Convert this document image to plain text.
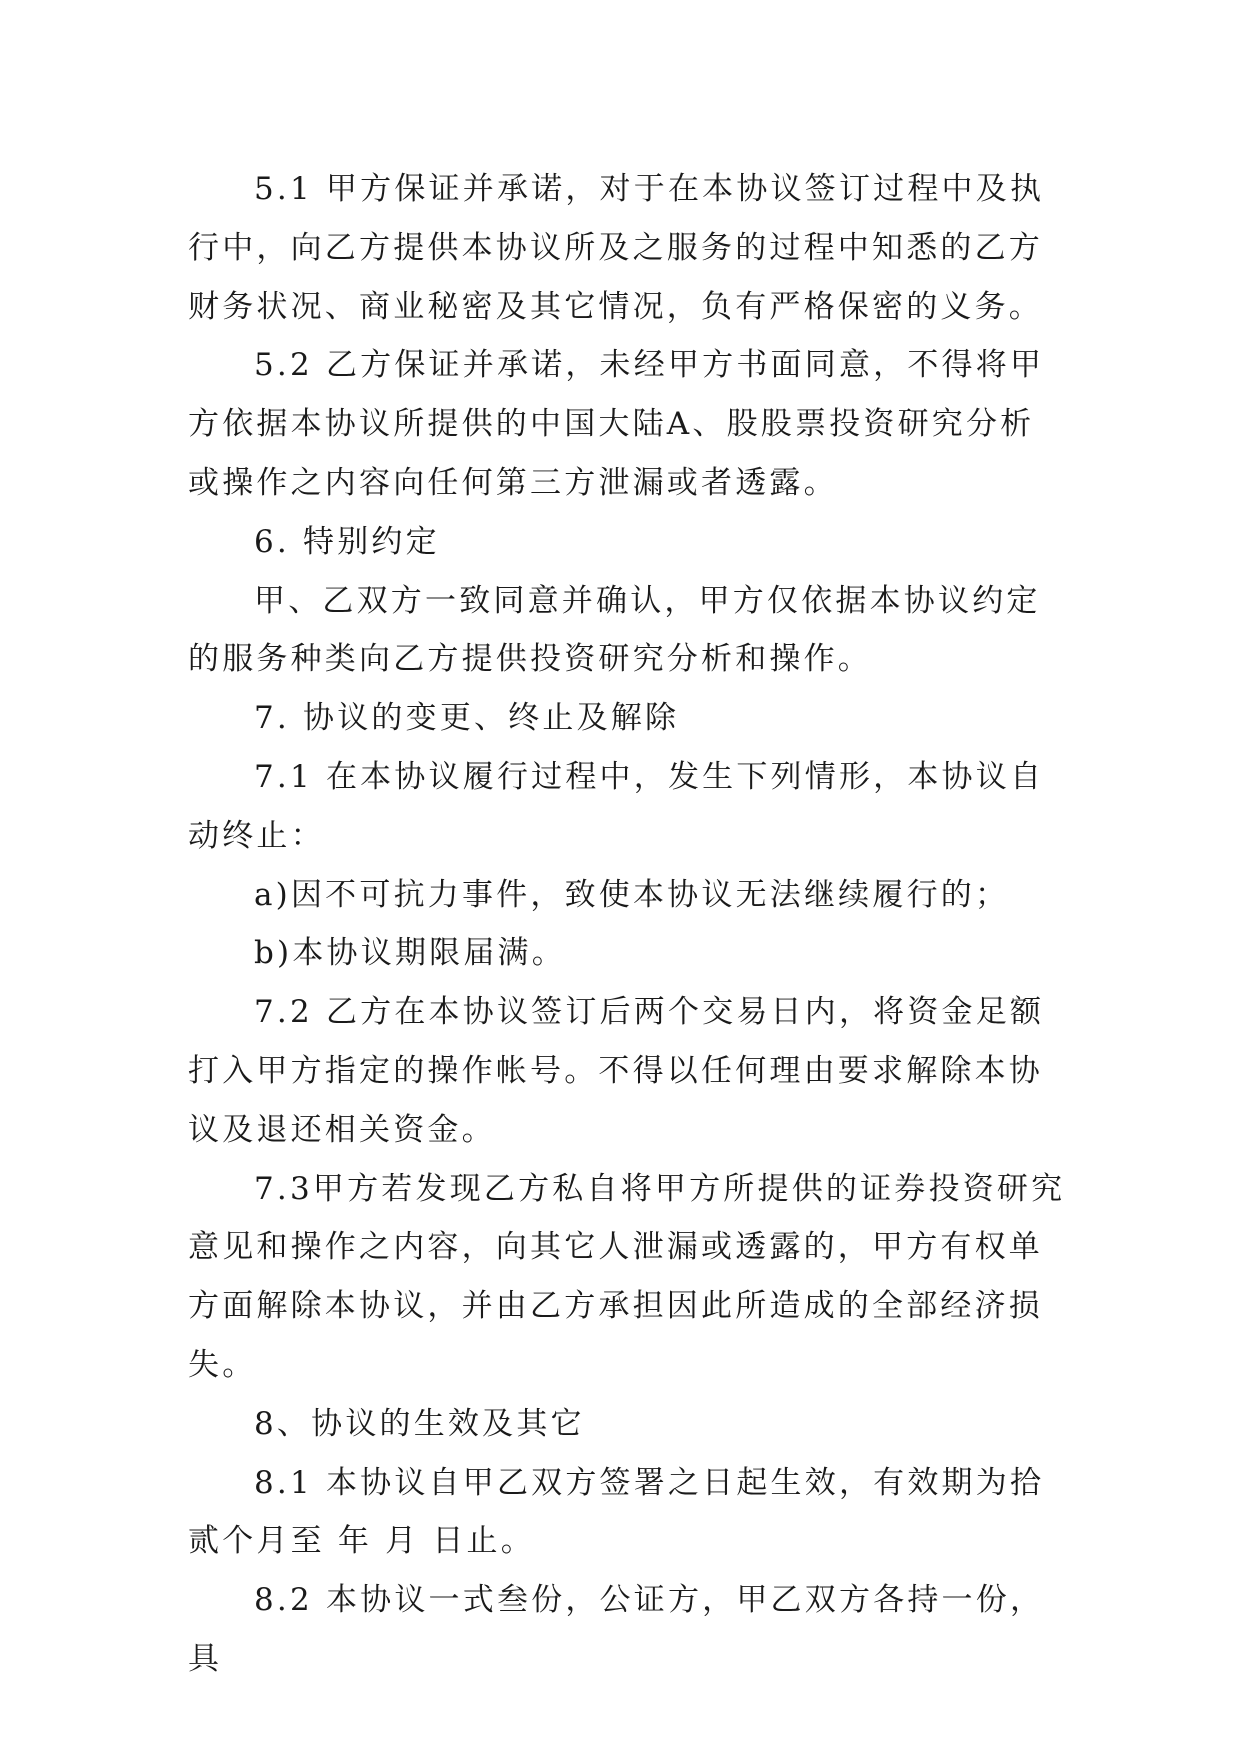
5.1 甲方保证并承诺，对于在本协议签订过程中及执行中，向乙方提供本协议所及之服务的过程中知悉的乙方财务状况、商业秘密及其它情况，负有严格保密的义务。

5.2 乙方保证并承诺，未经甲方书面同意，不得将甲方依据本协议所提供的中国大陆A、股股票投资研究分析或操作之内容向任何第三方泄漏或者透露。

6. 特别约定

甲、乙双方一致同意并确认，甲方仅依据本协议约定的服务种类向乙方提供投资研究分析和操作。

7. 协议的变更、终止及解除

7.1 在本协议履行过程中，发生下列情形，本协议自动终止：

a)因不可抗力事件，致使本协议无法继续履行的；

b)本协议期限届满。

7.2 乙方在本协议签订后两个交易日内，将资金足额打入甲方指定的操作帐号。不得以任何理由要求解除本协议及退还相关资金。

7.3甲方若发现乙方私自将甲方所提供的证券投资研究意见和操作之内容，向其它人泄漏或透露的，甲方有权单方面解除本协议，并由乙方承担因此所造成的全部经济损失。

8、协议的生效及其它

8.1 本协议自甲乙双方签署之日起生效，有效期为拾贰个月至 年 月 日止。

8.2 本协议一式叁份，公证方，甲乙双方各持一份，具
